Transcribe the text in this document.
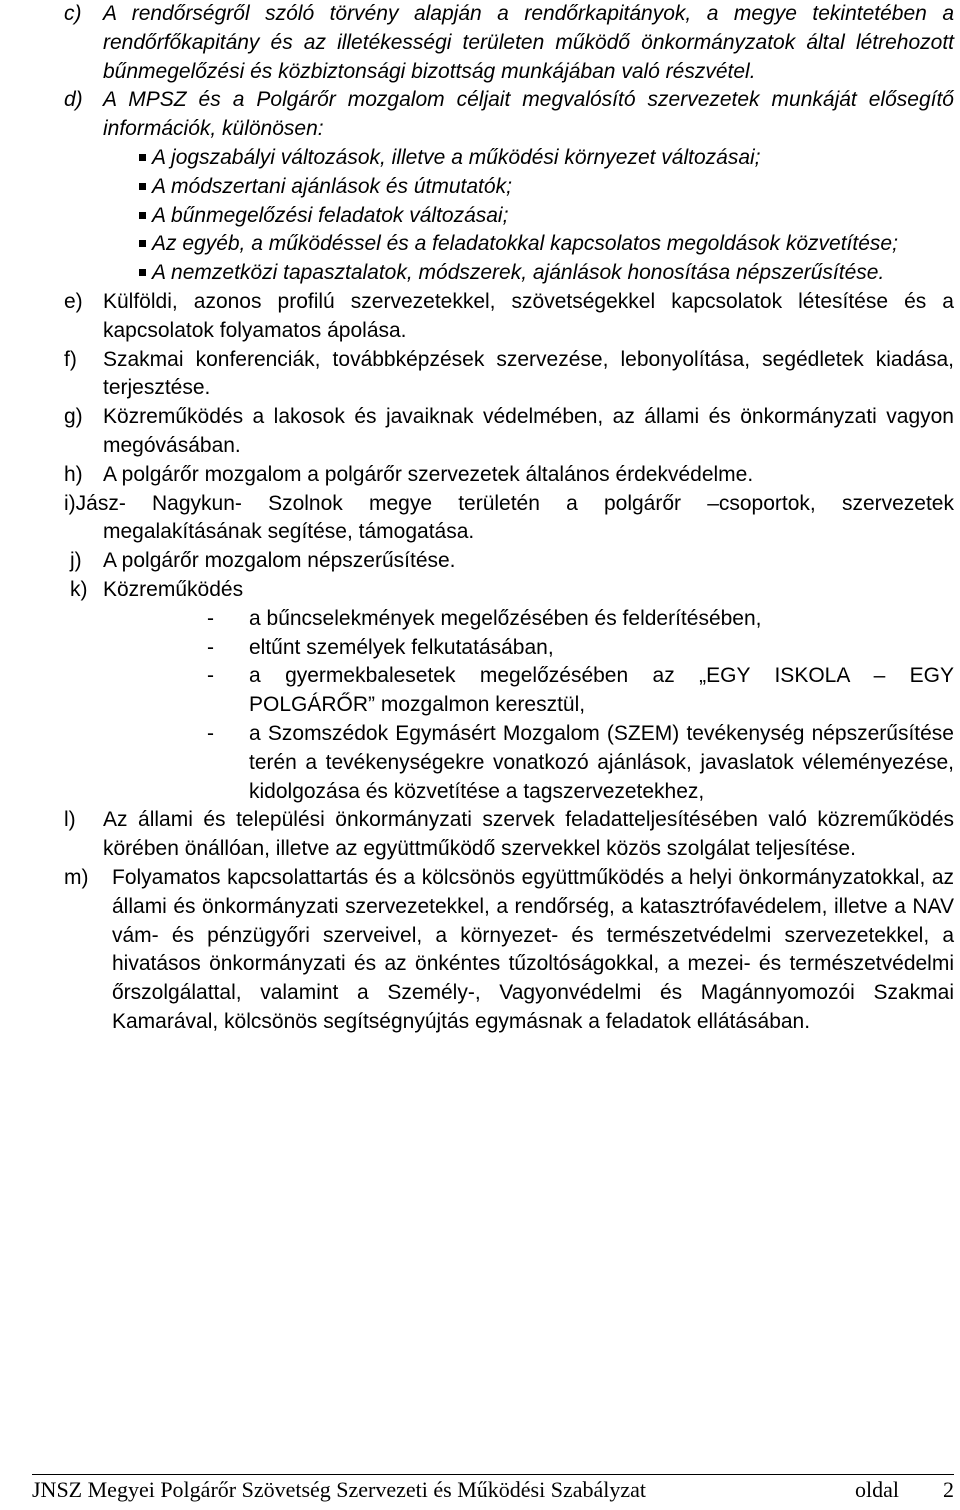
c)	A rendőrségről szóló törvény alapján a rendőrkapitányok, a megye tekintetében a rendőrfőkapitány és az illetékességi területen működő önkormányzatok által létrehozott bűnmegelőzési és közbiztonsági bizottság munkájában való részvétel.
d) A MPSZ és a Polgárőr mozgalom céljait megvalósító szervezetek munkáját elősegítő információk, különösen:
A jogszabályi változások, illetve a működési környezet változásai;
A módszertani ajánlások és útmutatók;
A bűnmegelőzési feladatok változásai;
Az egyéb, a működéssel és a feladatokkal kapcsolatos megoldások közvetítése;
A nemzetközi tapasztalatok, módszerek, ajánlások honosítása népszerűsítése.
e) Külföldi, azonos profilú szervezetekkel, szövetségekkel kapcsolatok létesítése és a kapcsolatok folyamatos ápolása.
f)	Szakmai konferenciák, továbbképzések szervezése, lebonyolítása, segédletek kiadása, terjesztése.
g) Közreműködés a lakosok és javaiknak védelmében, az állami és önkormányzati vagyon megóvásában.
h) A polgárőr mozgalom a polgárőr szervezetek általános érdekvédelme.
i)Jász- Nagykun- Szolnok megye területén a polgárőr –csoportok, szervezetek
megalakításának segítése, támogatása.
j)	A polgárőr mozgalom népszerűsítése.
k) Közreműködés
-	a bűncselekmények megelőzésében és felderítésében,
-	eltűnt személyek felkutatásában,
-	a gyermekbalesetek megelőzésében az „EGY ISKOLA – EGY POLGÁRŐR” mozgalmon keresztül,
-	a Szomszédok Egymásért Mozgalom (SZEM) tevékenység népszerűsítése terén a tevékenységekre vonatkozó ajánlások, javaslatok véleményezése, kidolgozása és közvetítése a tagszervezetekhez,
l)	Az állami és települési önkormányzati szervek feladatteljesítésében való közreműködés körében önállóan, illetve az együttműködő szervekkel közös szolgálat teljesítése.
m)	Folyamatos kapcsolattartás és a kölcsönös együttműködés a helyi önkormányzatokkal, az állami és önkormányzati szervezetekkel, a rendőrség, a katasztrófavédelem, illetve a NAV vám- és pénzügyőri szerveivel, a környezet- és természetvédelmi szervezetekkel, a hivatásos önkormányzati és az önkéntes tűzoltóságokkal, a mezei- és természetvédelmi őrszolgálattal, valamint a Személy-, Vagyonvédelmi és Magánnyomozói Szakmai Kamarával, kölcsönös segítségnyújtás egymásnak a feladatok ellátásában.
JNSZ Megyei Polgárőr Szövetség Szervezeti és Működési Szabályzat	oldal 2
